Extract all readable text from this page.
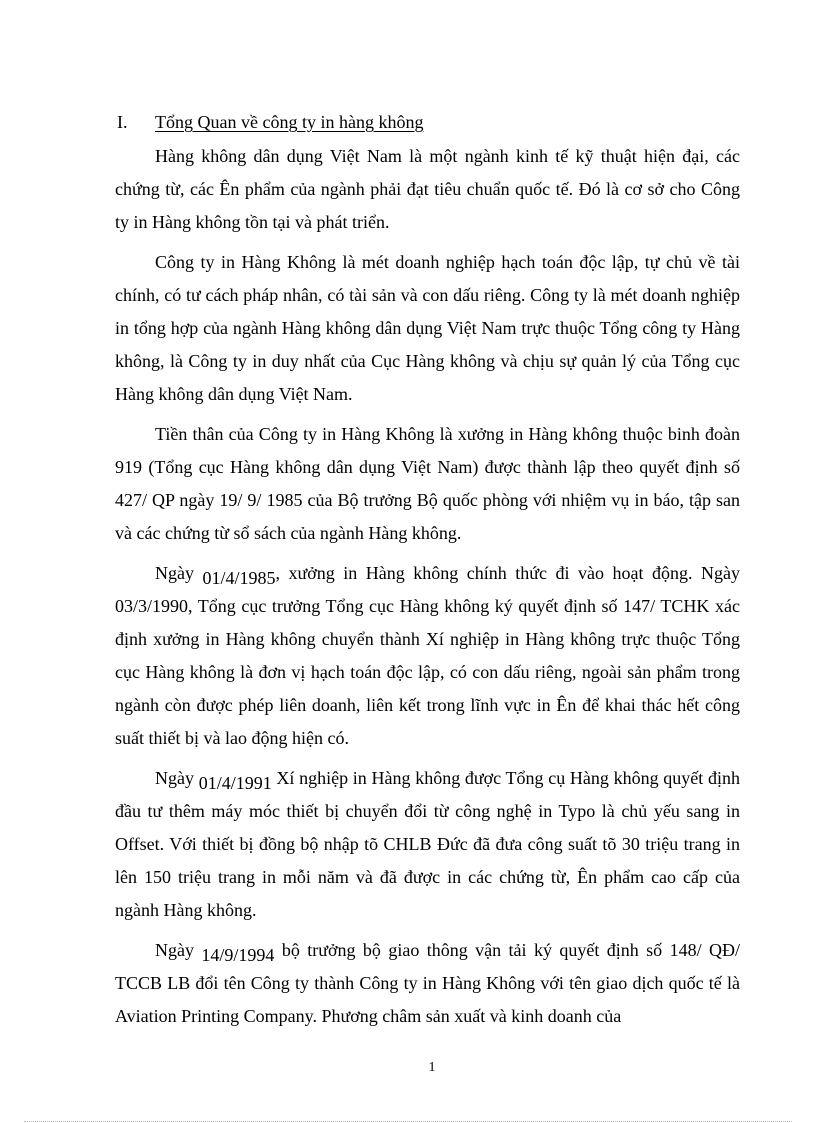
I. Tổng Quan về công ty in hàng không

Hàng không dân dụng Việt Nam là một ngành kinh tế kỹ thuật hiện đại, các chứng từ, các Ên phẩm của ngành phải đạt tiêu chuẩn quốc tế. Đó là cơ sở cho Công ty in Hàng không tồn tại và phát triển.

Công ty in Hàng Không là mét doanh nghiệp hạch toán độc lập, tự chủ về tài chính, có tư cách pháp nhân, có tài sản và con dấu riêng. Công ty là mét doanh nghiệp in tổng hợp của ngành Hàng không dân dụng Việt Nam trực thuộc Tổng công ty Hàng không, là Công ty in duy nhất của Cục Hàng không và chịu sự quản lý của Tổng cục Hàng không dân dụng Việt Nam.

Tiền thân của Công ty in Hàng Không là xưởng in Hàng không thuộc binh đoàn 919 (Tổng cục Hàng không dân dụng Việt Nam) được thành lập theo quyết định số 427/ QP ngày 19/ 9/ 1985 của Bộ trưởng Bộ quốc phòng với nhiệm vụ in báo, tập san và các chứng từ sổ sách của ngành Hàng không.

Ngày 01/4/1985, xưởng in Hàng không chính thức đi vào hoạt động. Ngày 03/3/1990, Tổng cục trưởng Tổng cục Hàng không ký quyết định số 147/ TCHK xác định xưởng in Hàng không chuyển thành Xí nghiệp in Hàng không trực thuộc Tổng cục Hàng không là đơn vị hạch toán độc lập, có con dấu riêng, ngoài sản phẩm trong ngành còn được phép liên doanh, liên kết trong lĩnh vực in Ên để khai thác hết công suất thiết bị và lao động hiện có.

Ngày 01/4/1991 Xí nghiệp in Hàng không được Tổng cụ Hàng không quyết định đầu tư thêm máy móc thiết bị chuyển đổi từ công nghệ in Typo là chủ yếu sang in Offset. Với thiết bị đồng bộ nhập tõ CHLB Đức đã đưa công suất tõ 30 triệu trang in lên 150 triệu trang in mỗi năm và đã được in các chứng từ, Ên phẩm cao cấp của ngành Hàng không.

Ngày 14/9/1994 bộ trưởng bộ giao thông vận tải ký quyết định số 148/ QĐ/ TCCB LB đổi tên Công ty thành Công ty in Hàng Không với tên giao dịch quốc tế là Aviation Printing Company. Phương châm sản xuất và kinh doanh của

1
